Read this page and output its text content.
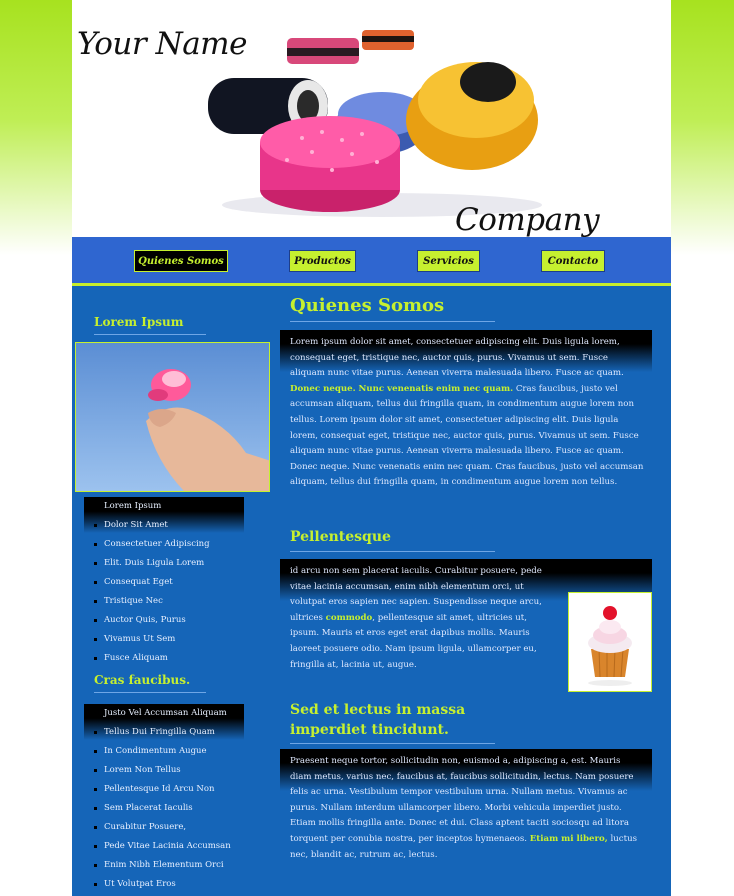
Your Name
Company
Quienes Somos	Productos	Servicios	Contacto
Lorem Ipsum
Lorem Ipsum
Dolor Sit Amet
Consectetuer Adipiscing
Elit. Duis Ligula Lorem
Consequat Eget
Tristique Nec
Auctor Quis, Purus
Vivamus Ut Sem
Fusce Aliquam
Cras faucibus.
Justo Vel Accumsan Aliquam
Tellus Dui Fringilla Quam
In Condimentum Augue
Lorem Non Tellus
Pellentesque Id Arcu Non
Sem Placerat Iaculis
Curabitur Posuere,
Pede Vitae Lacinia Accumsan
Enim Nibh Elementum Orci
Ut Volutpat Eros
Quienes Somos

Lorem ipsum dolor sit amet, consectetuer adipiscing elit. Duis ligula lorem, consequat eget, tristique nec, auctor quis, purus. Vivamus ut sem. Fusce aliquam nunc vitae purus. Aenean viverra malesuada libero. Fusce ac quam. Donec neque. Nunc venenatis enim nec quam. Cras faucibus, justo vel accumsan aliquam, tellus dui fringilla quam, in condimentum augue lorem non tellus. Lorem ipsum dolor sit amet, consectetuer adipiscing elit. Duis ligula lorem, consequat eget, tristique nec, auctor quis, purus. Vivamus ut sem. Fusce aliquam nunc vitae purus. Aenean viverra malesuada libero. Fusce ac quam. Donec neque. Nunc venenatis enim nec quam. Cras faucibus, justo vel accumsan aliquam, tellus dui fringilla quam, in condimentum augue lorem non tellus.

Pellentesque

id arcu non sem placerat iaculis. Curabitur posuere, pede vitae lacinia accumsan, enim nibh elementum orci, ut volutpat eros sapien nec sapien. Suspendisse neque arcu, ultrices commodo, pellentesque sit amet, ultricies ut, ipsum. Mauris et eros eget erat dapibus mollis. Mauris laoreet posuere odio. Nam ipsum ligula, ullamcorper eu, fringilla at, lacinia ut, augue.

Sed et lectus in massa
imperdiet tincidunt.

Praesent neque tortor, sollicitudin non, euismod a, adipiscing a, est. Mauris diam metus, varius nec, faucibus at, faucibus sollicitudin, lectus. Nam posuere felis ac urna. Vestibulum tempor vestibulum urna. Nullam metus. Vivamus ac purus. Nullam interdum ullamcorper libero. Morbi vehicula imperdiet justo. Etiam mollis fringilla ante. Donec et dui. Class aptent taciti sociosqu ad litora torquent per conubia nostra, per inceptos hymenaeos. Etiam mi libero, luctus nec, blandit ac, rutrum ac, lectus.
